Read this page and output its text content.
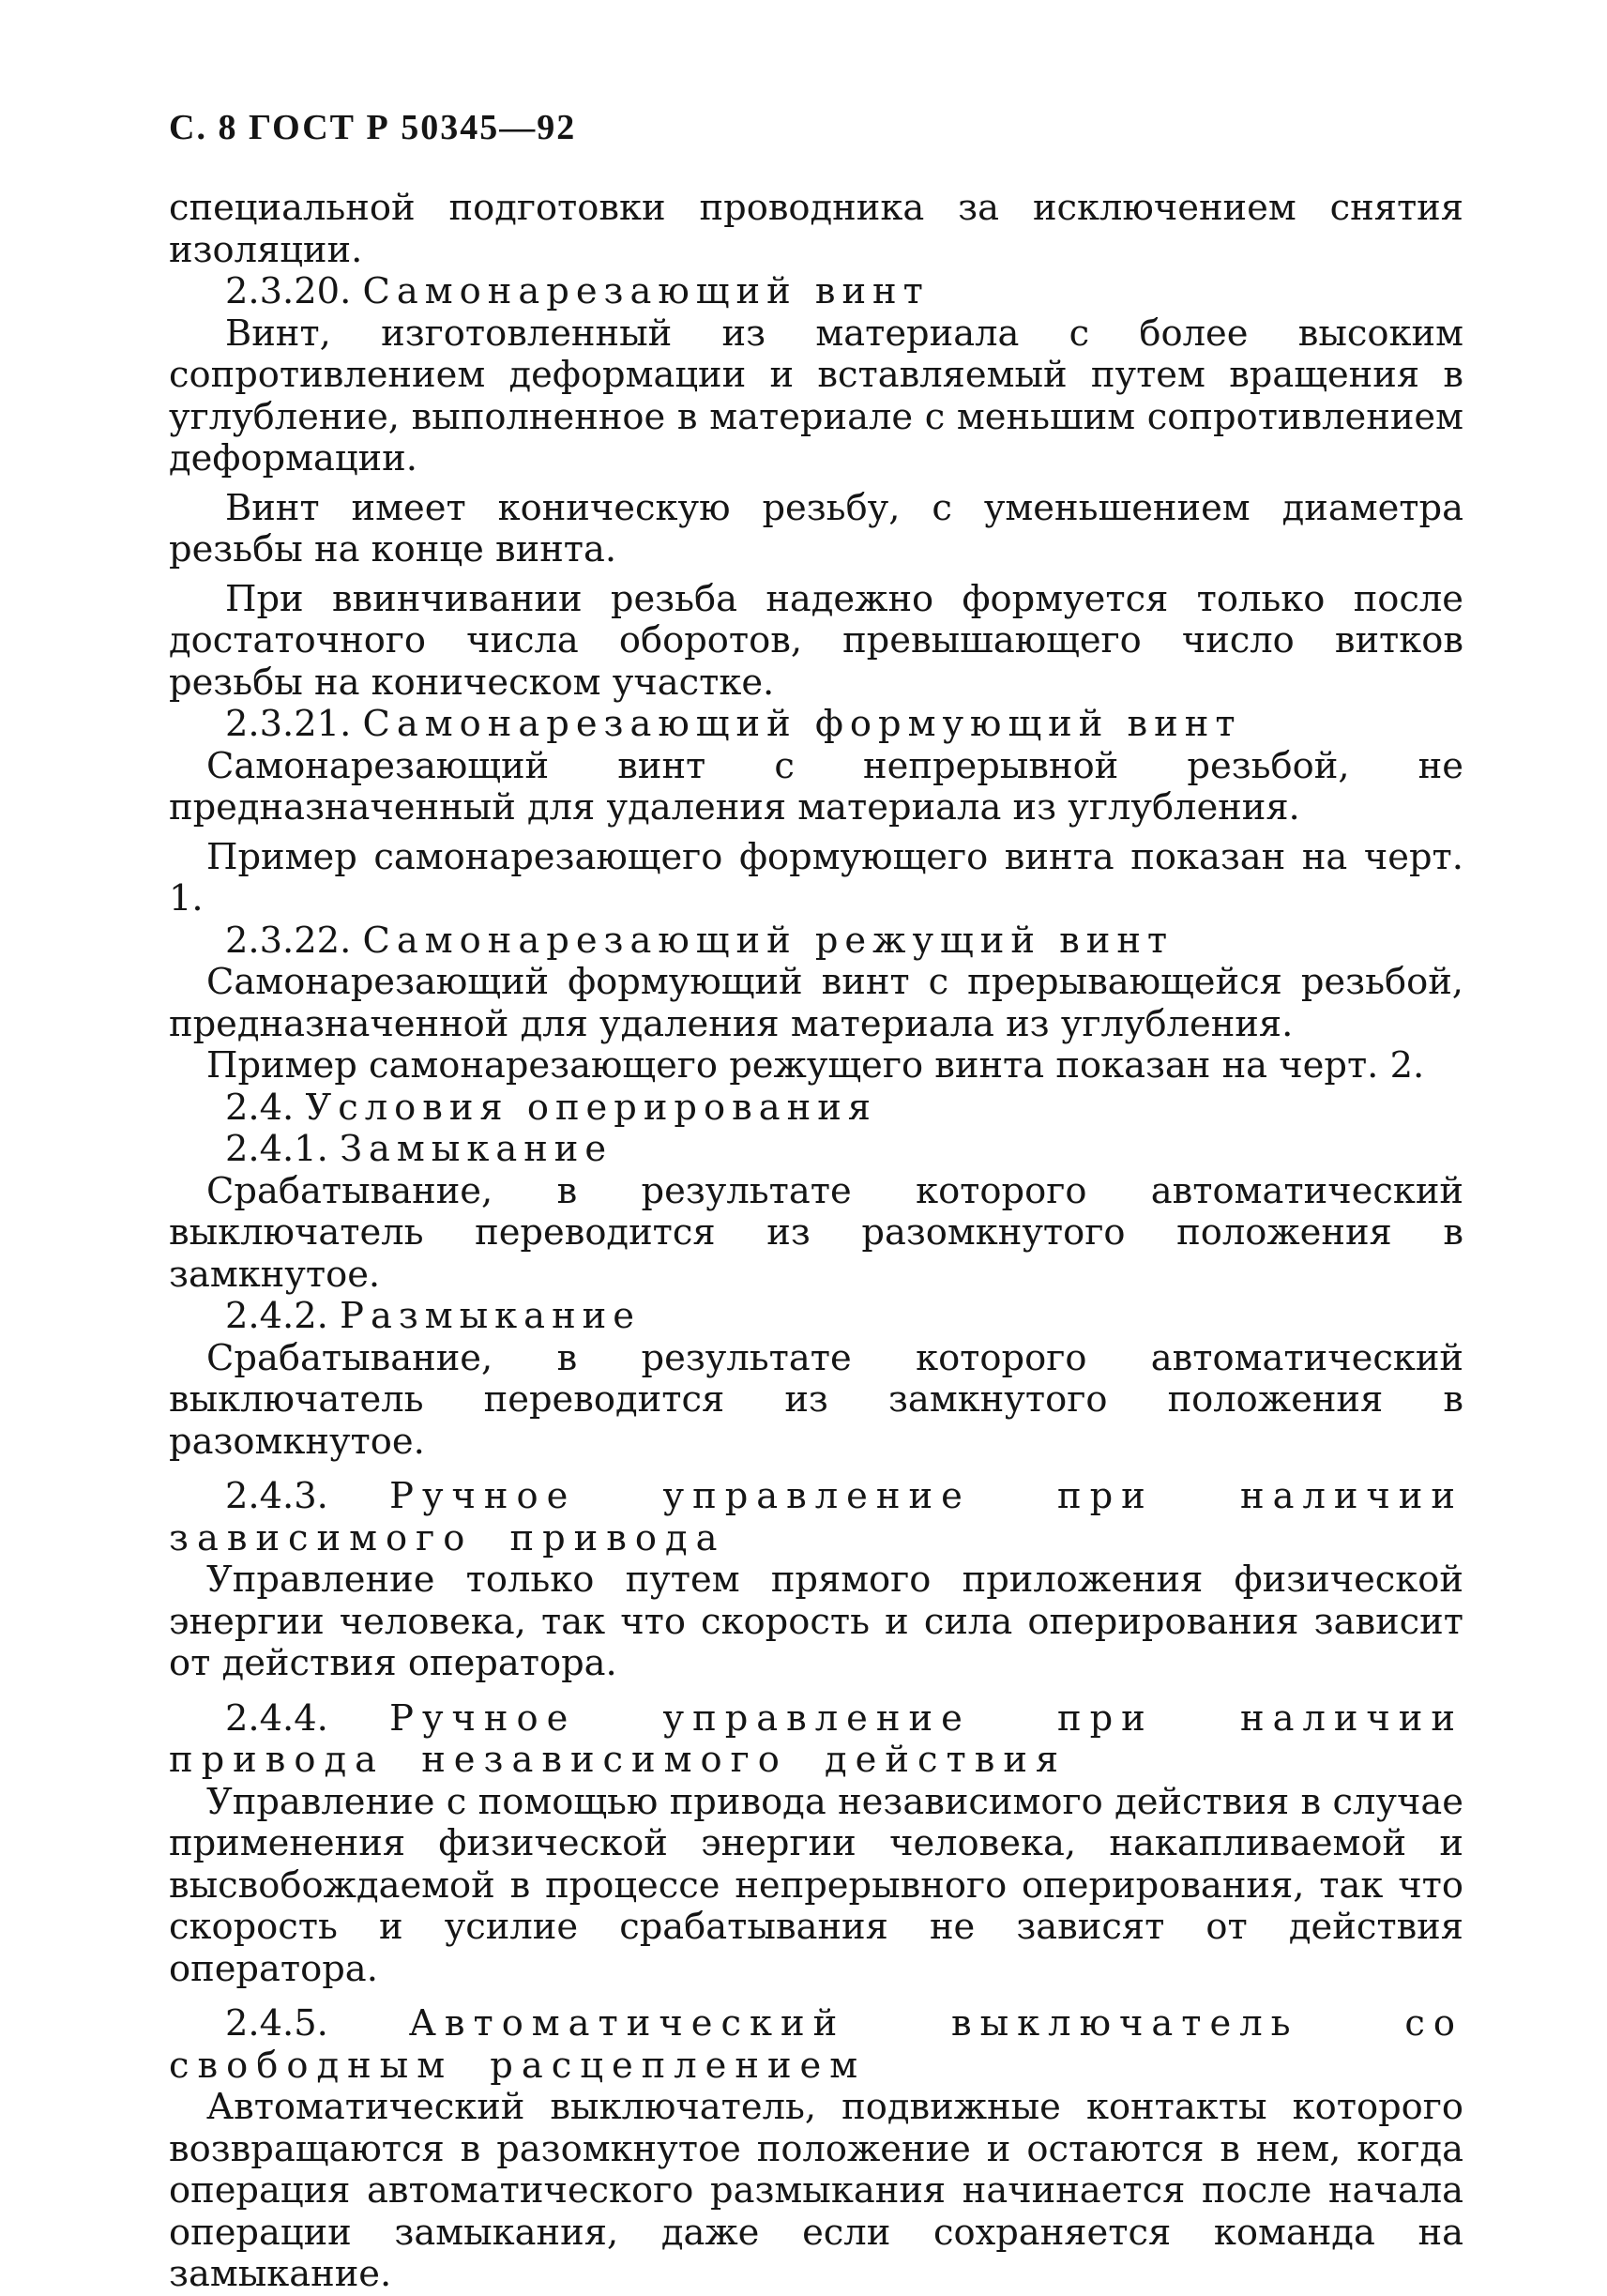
С. 8 ГОСТ Р 50345—92
специальной подготовки проводника за исключением снятия изоляции.
2.3.20. Самонарезающий винт
Винт, изготовленный из материала с более высоким сопротивлением деформации и вставляемый путем вращения в углубление, выполненное в материале с меньшим сопротивлением деформации.
Винт имеет коническую резьбу, с уменьшением диаметра резьбы на конце винта.
При ввинчивании резьба надежно формуется только после достаточного числа оборотов, превышающего число витков резьбы на коническом участке.
2.3.21. Самонарезающий формующий винт
Самонарезающий винт с непрерывной резьбой, не предназначенный для удаления материала из углубления.
Пример самонарезающего формующего винта показан на черт. 1.
2.3.22. Самонарезающий режущий винт
Самонарезающий формующий винт с прерывающейся резьбой, предназначенной для удаления материала из углубления.
Пример самонарезающего режущего винта показан на черт. 2.
2.4. Условия оперирования
2.4.1. Замыкание
Срабатывание, в результате которого автоматический выключатель переводится из разомкнутого положения в замкнутое.
2.4.2. Размыкание
Срабатывание, в результате которого автоматический выключатель переводится из замкнутого положения в разомкнутое.
2.4.3. Ручное управление при наличии зависимого привода
Управление только путем прямого приложения физической энергии человека, так что скорость и сила оперирования зависит от действия оператора.
2.4.4. Ручное управление при наличии привода независимого действия
Управление с помощью привода независимого действия в случае применения физической энергии человека, накапливаемой и высвобождаемой в процессе непрерывного оперирования, так что скорость и усилие срабатывания не зависят от действия оператора.
2.4.5. Автоматический выключатель со свободным расцеплением
Автоматический выключатель, подвижные контакты которого возвращаются в разомкнутое положение и остаются в нем, когда операция автоматического размыкания начинается после начала операции замыкания, даже если сохраняется команда на замыкание.
